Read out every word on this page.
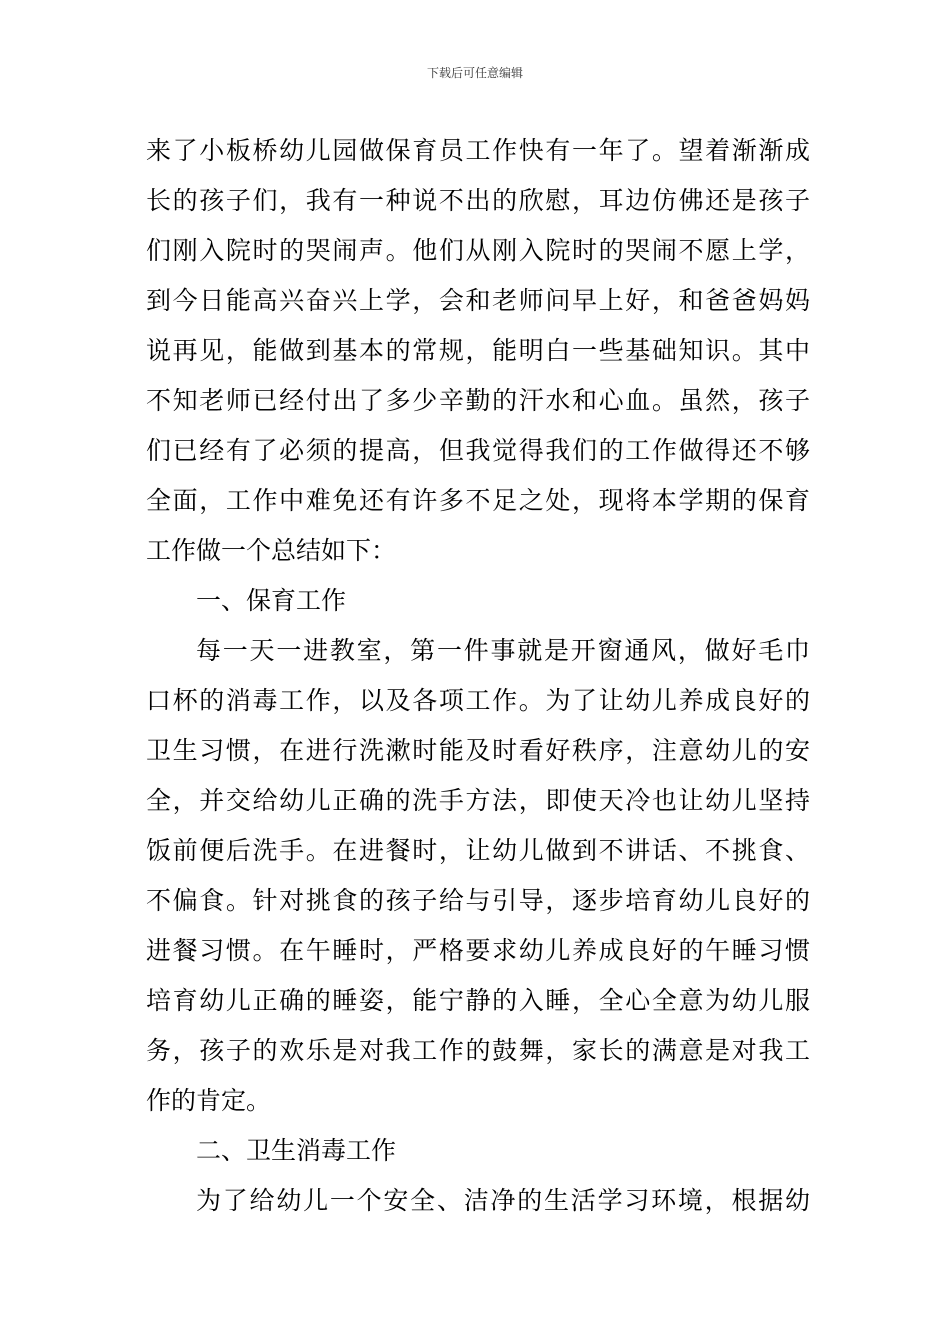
下载后可任意编辑
来了小板桥幼儿园做保育员工作快有一年了。望着渐渐成
长的孩子们，我有一种说不出的欣慰，耳边仿佛还是孩子
们刚入院时的哭闹声。他们从刚入院时的哭闹不愿上学，
到今日能高兴奋兴上学，会和老师问早上好，和爸爸妈妈
说再见，能做到基本的常规，能明白一些基础知识。其中
不知老师已经付出了多少辛勤的汗水和心血。虽然，孩子
们已经有了必须的提高，但我觉得我们的工作做得还不够
全面，工作中难免还有许多不足之处，现将本学期的保育
工作做一个总结如下：
一、保育工作
每一天一进教室，第一件事就是开窗通风，做好毛巾
口杯的消毒工作，以及各项工作。为了让幼儿养成良好的
卫生习惯，在进行洗漱时能及时看好秩序，注意幼儿的安
全，并交给幼儿正确的洗手方法，即使天冷也让幼儿坚持
饭前便后洗手。在进餐时，让幼儿做到不讲话、不挑食、
不偏食。针对挑食的孩子给与引导，逐步培育幼儿良好的
进餐习惯。在午睡时，严格要求幼儿养成良好的午睡习惯
培育幼儿正确的睡姿，能宁静的入睡，全心全意为幼儿服
务，孩子的欢乐是对我工作的鼓舞，家长的满意是对我工
作的肯定。
二、卫生消毒工作
为了给幼儿一个安全、洁净的生活学习环境，根据幼
